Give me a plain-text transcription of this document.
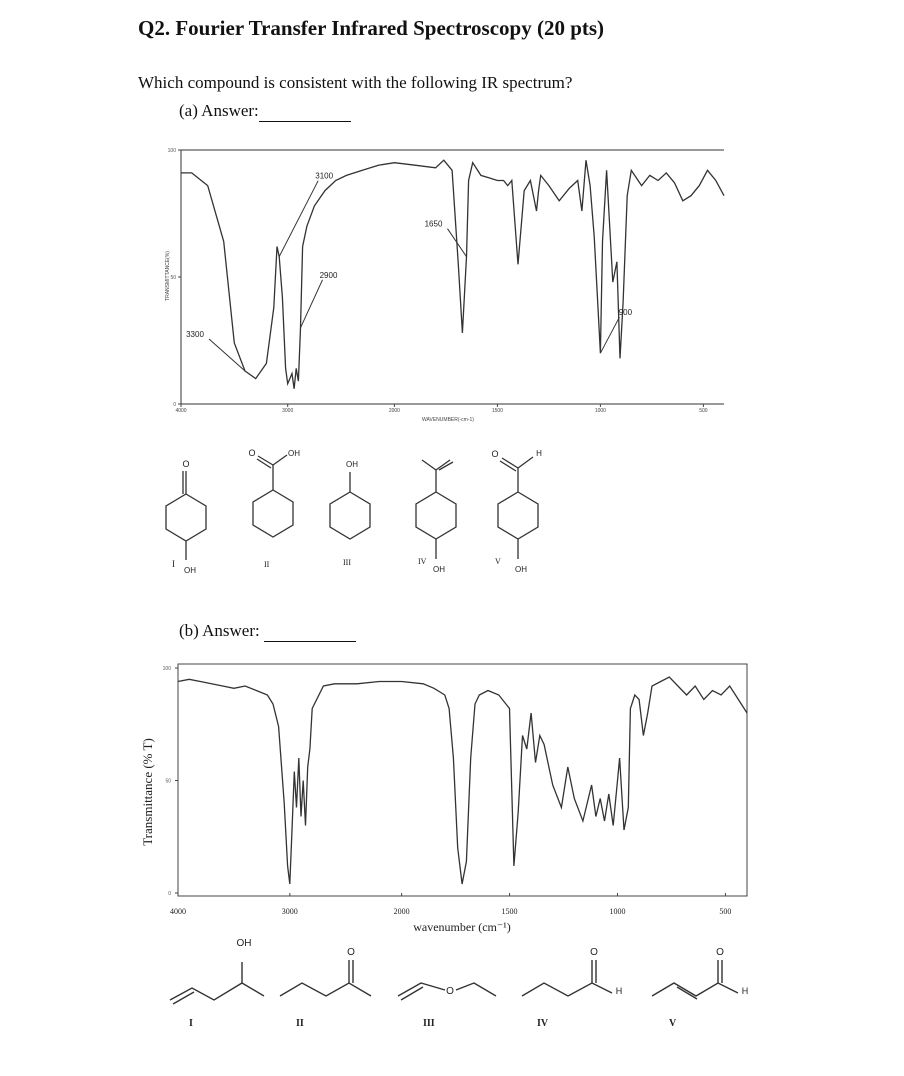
Q2. Fourier Transfer Infrared Spectroscopy (20 pts)
Which compound is consistent with the following IR spectrum?
(a) Answer:
(b) Answer:
100
50
0
4000	3000	2000	1500	1000	500
TRANSMITTANCE(%)
WAVENUMBER(-cm-1)
3300
3100
2900
1650
900
O
OH
I
O	OH
II
OH
III
OH
IV
O	H
OH
V
100
50
0
4000	3000	2000	1500	1000	500
Transmittance (% T)
wavenumber (cm⁻¹)
OH
I
O
II
O
III
O
H
IV
O
H
V
